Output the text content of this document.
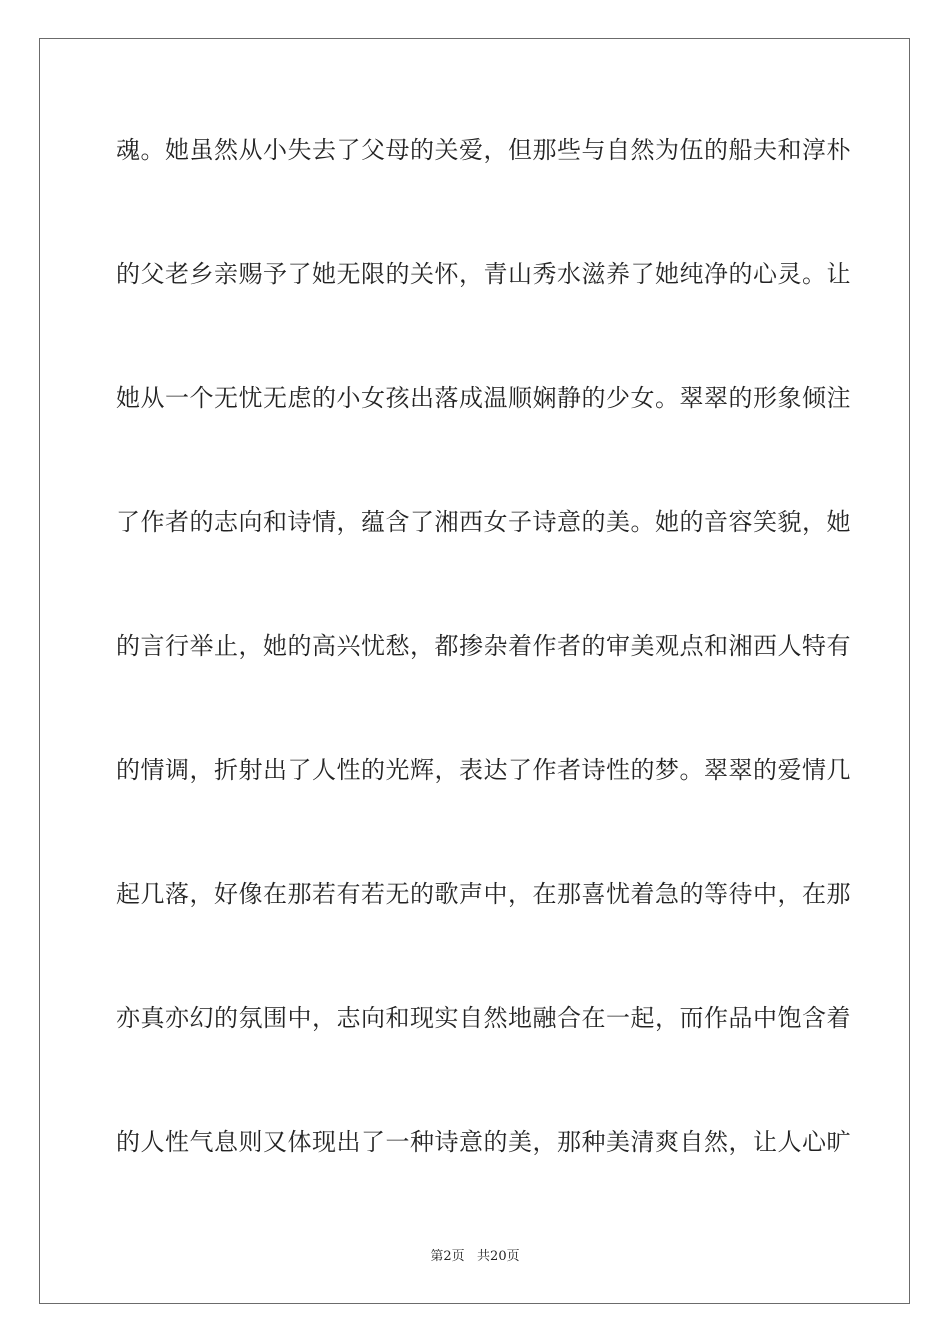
魂。她虽然从小失去了父母的关爱，但那些与自然为伍的船夫和淳朴
的父老乡亲赐予了她无限的关怀，青山秀水滋养了她纯净的心灵。让
她从一个无忧无虑的小女孩出落成温顺娴静的少女。翠翠的形象倾注
了作者的志向和诗情，蕴含了湘西女子诗意的美。她的音容笑貌，她
的言行举止，她的高兴忧愁，都掺杂着作者的审美观点和湘西人特有
的情调，折射出了人性的光辉，表达了作者诗性的梦。翠翠的爱情几
起几落，好像在那若有若无的歌声中，在那喜忧着急的等待中，在那
亦真亦幻的氛围中，志向和现实自然地融合在一起，而作品中饱含着
的人性气息则又体现出了一种诗意的美，那种美清爽自然，让人心旷
第2页   共20页
